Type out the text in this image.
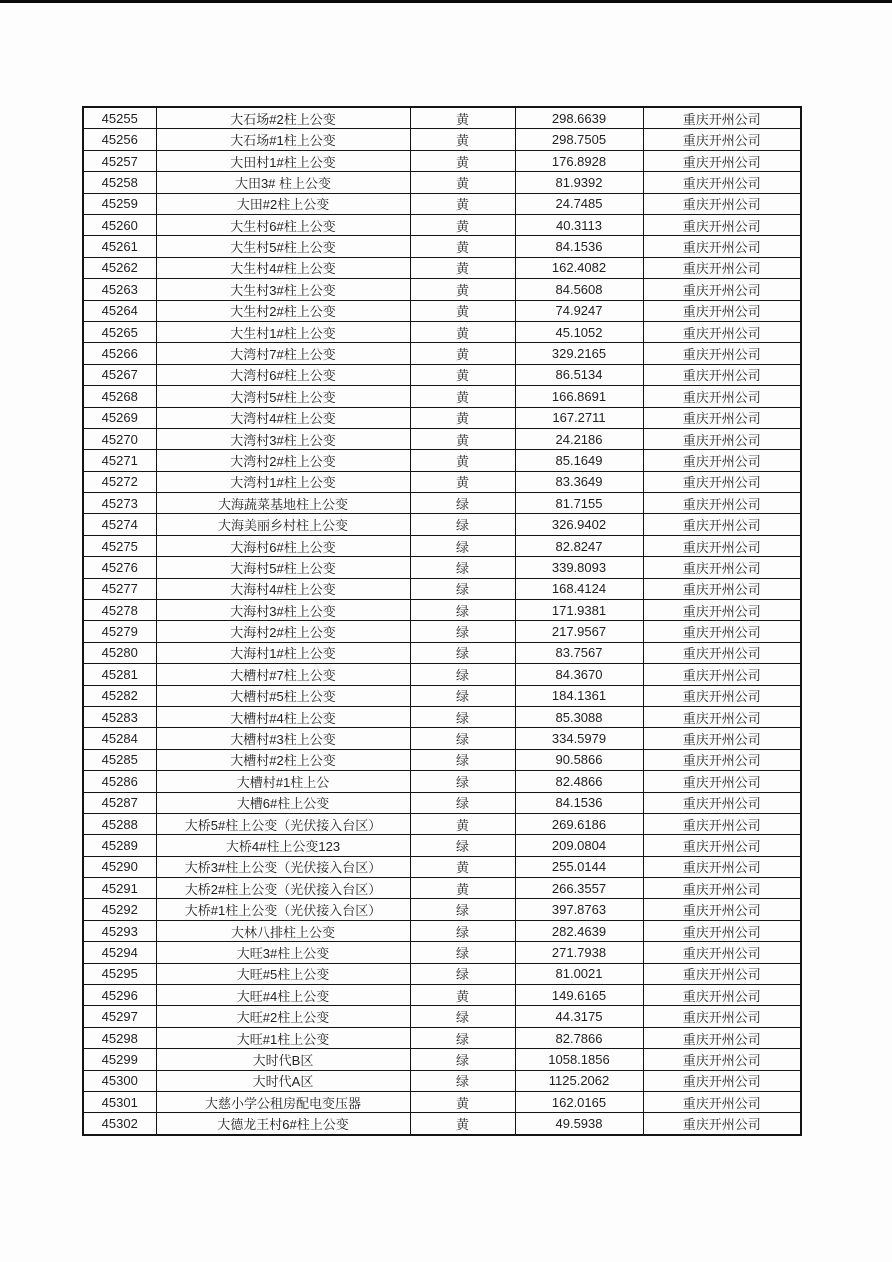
45255	大石场#2柱上公变	黄	298.6639	重庆开州公司
45256	大石场#1柱上公变	黄	298.7505	重庆开州公司
45257	大田村1#柱上公变	黄	176.8928	重庆开州公司
45258	大田3# 柱上公变	黄	81.9392	重庆开州公司
45259	大田#2柱上公变	黄	24.7485	重庆开州公司
45260	大生村6#柱上公变	黄	40.3113	重庆开州公司
45261	大生村5#柱上公变	黄	84.1536	重庆开州公司
45262	大生村4#柱上公变	黄	162.4082	重庆开州公司
45263	大生村3#柱上公变	黄	84.5608	重庆开州公司
45264	大生村2#柱上公变	黄	74.9247	重庆开州公司
45265	大生村1#柱上公变	黄	45.1052	重庆开州公司
45266	大湾村7#柱上公变	黄	329.2165	重庆开州公司
45267	大湾村6#柱上公变	黄	86.5134	重庆开州公司
45268	大湾村5#柱上公变	黄	166.8691	重庆开州公司
45269	大湾村4#柱上公变	黄	167.2711	重庆开州公司
45270	大湾村3#柱上公变	黄	24.2186	重庆开州公司
45271	大湾村2#柱上公变	黄	85.1649	重庆开州公司
45272	大湾村1#柱上公变	黄	83.3649	重庆开州公司
45273	大海蔬菜基地柱上公变	绿	81.7155	重庆开州公司
45274	大海美丽乡村柱上公变	绿	326.9402	重庆开州公司
45275	大海村6#柱上公变	绿	82.8247	重庆开州公司
45276	大海村5#柱上公变	绿	339.8093	重庆开州公司
45277	大海村4#柱上公变	绿	168.4124	重庆开州公司
45278	大海村3#柱上公变	绿	171.9381	重庆开州公司
45279	大海村2#柱上公变	绿	217.9567	重庆开州公司
45280	大海村1#柱上公变	绿	83.7567	重庆开州公司
45281	大槽村#7柱上公变	绿	84.3670	重庆开州公司
45282	大槽村#5柱上公变	绿	184.1361	重庆开州公司
45283	大槽村#4柱上公变	绿	85.3088	重庆开州公司
45284	大槽村#3柱上公变	绿	334.5979	重庆开州公司
45285	大槽村#2柱上公变	绿	90.5866	重庆开州公司
45286	大槽村#1柱上公	绿	82.4866	重庆开州公司
45287	大槽6#柱上公变	绿	84.1536	重庆开州公司
45288	大桥5#柱上公变（光伏接入台区）	黄	269.6186	重庆开州公司
45289	大桥4#柱上公变123	绿	209.0804	重庆开州公司
45290	大桥3#柱上公变（光伏接入台区）	黄	255.0144	重庆开州公司
45291	大桥2#柱上公变（光伏接入台区）	黄	266.3557	重庆开州公司
45292	大桥#1柱上公变（光伏接入台区）	绿	397.8763	重庆开州公司
45293	大林八排柱上公变	绿	282.4639	重庆开州公司
45294	大旺3#柱上公变	绿	271.7938	重庆开州公司
45295	大旺#5柱上公变	绿	81.0021	重庆开州公司
45296	大旺#4柱上公变	黄	149.6165	重庆开州公司
45297	大旺#2柱上公变	绿	44.3175	重庆开州公司
45298	大旺#1柱上公变	绿	82.7866	重庆开州公司
45299	大时代B区	绿	1058.1856	重庆开州公司
45300	大时代A区	绿	1125.2062	重庆开州公司
45301	大慈小学公租房配电变压器	黄	162.0165	重庆开州公司
45302	大德龙王村6#柱上公变	黄	49.5938	重庆开州公司
